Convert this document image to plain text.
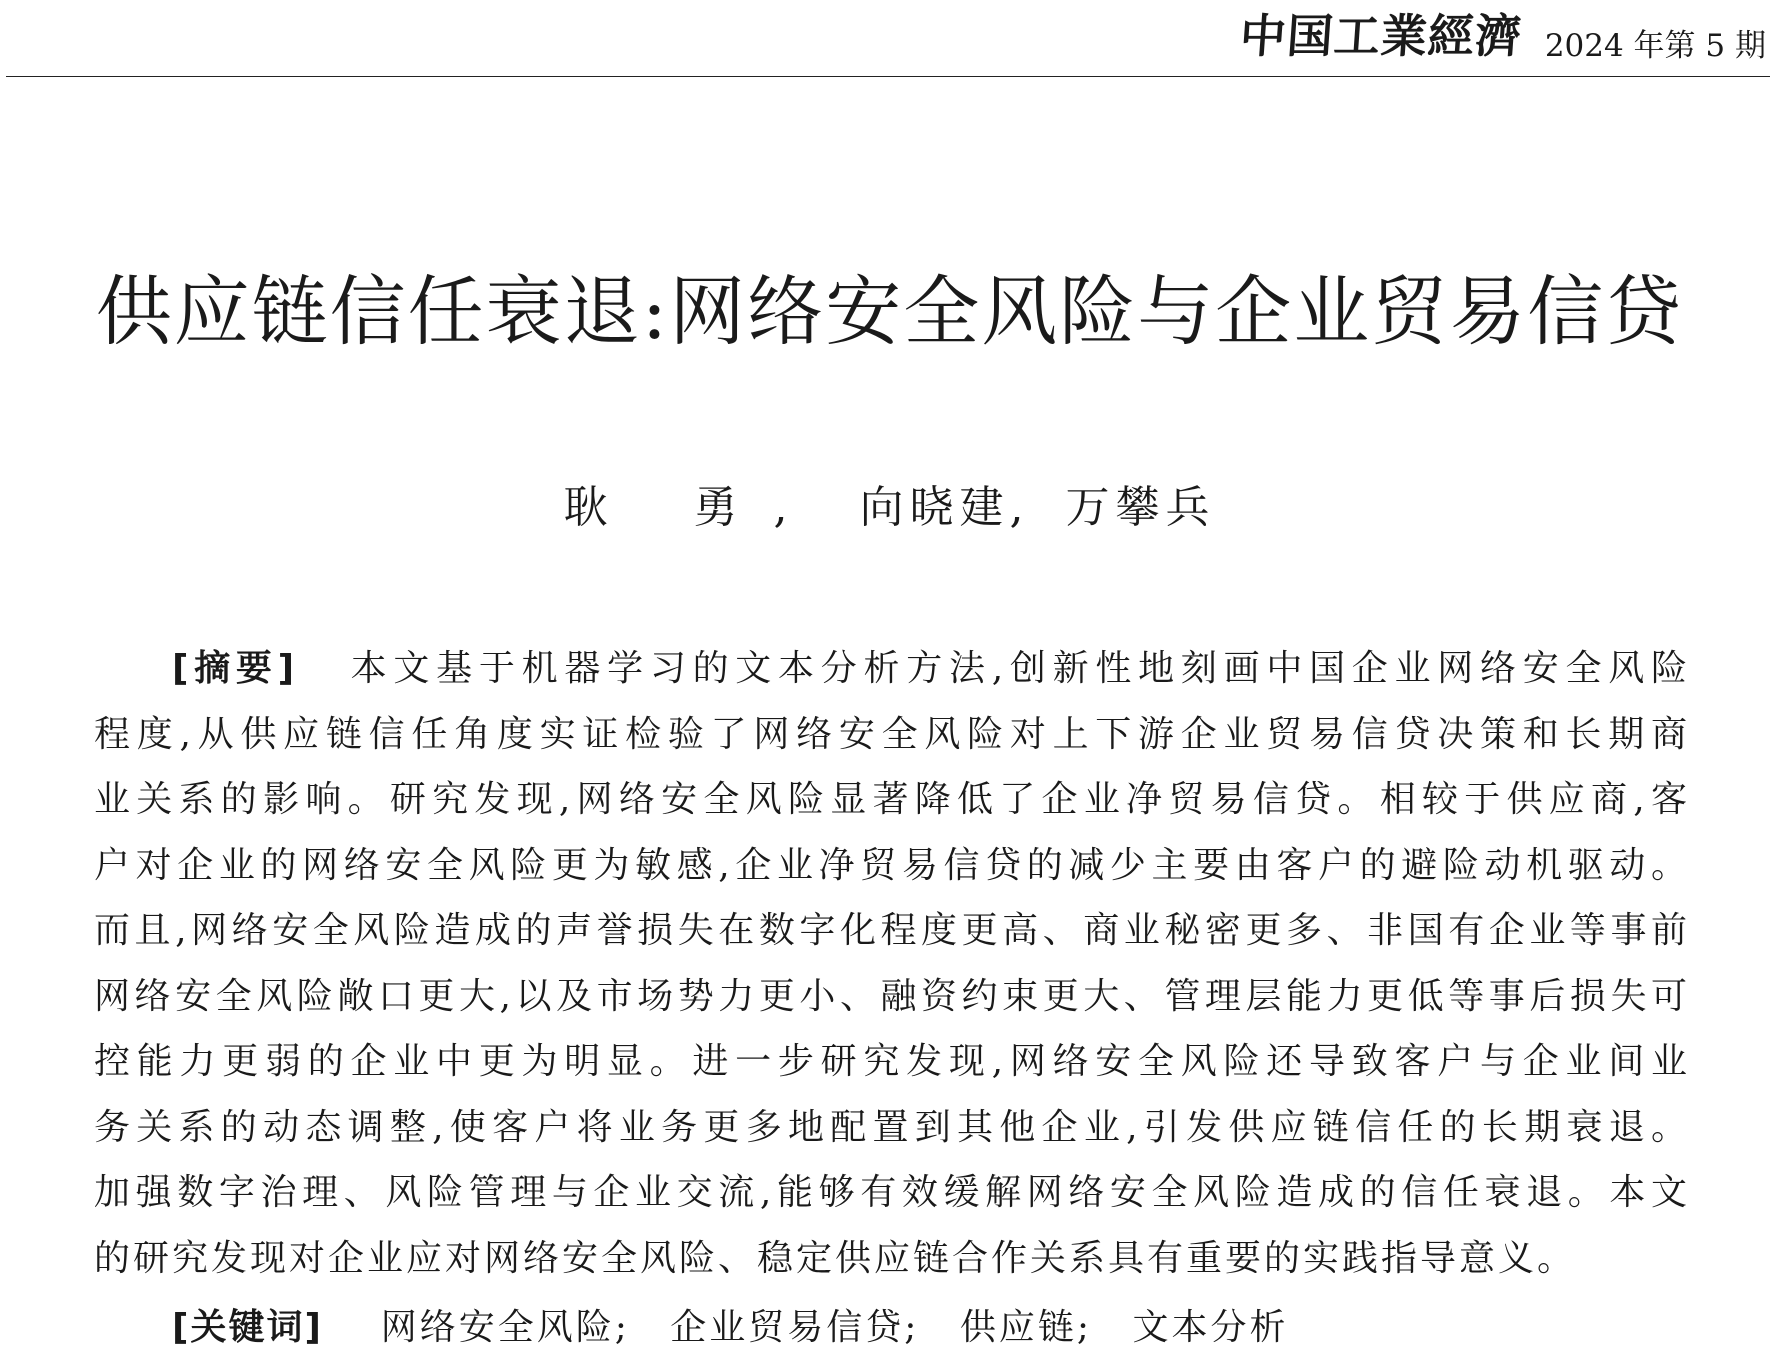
中国工業經濟 2024 年第 5 期
供应链信任衰退:网络安全风险与企业贸易信贷
耿 勇, 向晓建, 万攀兵
[摘要] 本文基于机器学习的文本分析方法,创新性地刻画中国企业网络安全风险
程度,从供应链信任角度实证检验了网络安全风险对上下游企业贸易信贷决策和长期商
业关系的影响。研究发现,网络安全风险显著降低了企业净贸易信贷。相较于供应商,客
户对企业的网络安全风险更为敏感,企业净贸易信贷的减少主要由客户的避险动机驱动。
而且,网络安全风险造成的声誉损失在数字化程度更高、商业秘密更多、非国有企业等事前
网络安全风险敞口更大,以及市场势力更小、融资约束更大、管理层能力更低等事后损失可
控能力更弱的企业中更为明显。进一步研究发现,网络安全风险还导致客户与企业间业
务关系的动态调整,使客户将业务更多地配置到其他企业,引发供应链信任的长期衰退。
加强数字治理、风险管理与企业交流,能够有效缓解网络安全风险造成的信任衰退。本文
的研究发现对企业应对网络安全风险、稳定供应链合作关系具有重要的实践指导意义。
[关键词] 网络安全风险; 企业贸易信贷; 供应链; 文本分析
